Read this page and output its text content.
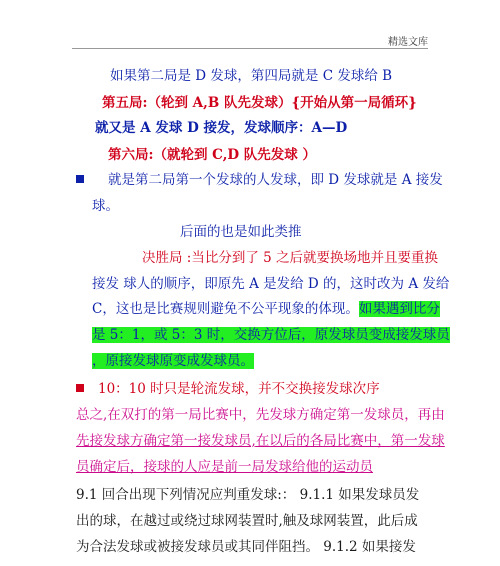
精选文库
如果第二局是 D 发球，第四局就是 C 发球给 B
第五局:（轮到 A,B 队先发球）{开始从第一局循环}
就又是 A 发球 D 接发，发球顺序：A—D
第六局:（就轮到 C,D 队先发球 ）
就是第二局第一个发球的人发球，即 D 发球就是 A 接发
球。
后面的也是如此类推
决胜局 :当比分到了 5 之后就要换场地并且要重换
接发 球人的顺序，即原先 A 是发给 D 的，这时改为 A 发给
C，这也是比赛规则避免不公平现象的体现。如果遇到比分
是 5：1，或 5：3 时，交换方位后，原发球员变成接发球员
，原接发球原变成发球员。
10：10 时只是轮流发球，并不交换接发球次序
总之,在双打的第一局比赛中，先发球方确定第一发球员，再由
先接发球方确定第一接发球员,在以后的各局比赛中，第一发球
员确定后，接球的人应是前一局发球给他的运动员
9.1 回合出现下列情况应判重发球:： 9.1.1 如果发球员发
出的球，在越过或绕过球网装置时,触及球网装置，此后成
为合法发球或被接发球员或其同伴阻挡。 9.1.2 如果接发
